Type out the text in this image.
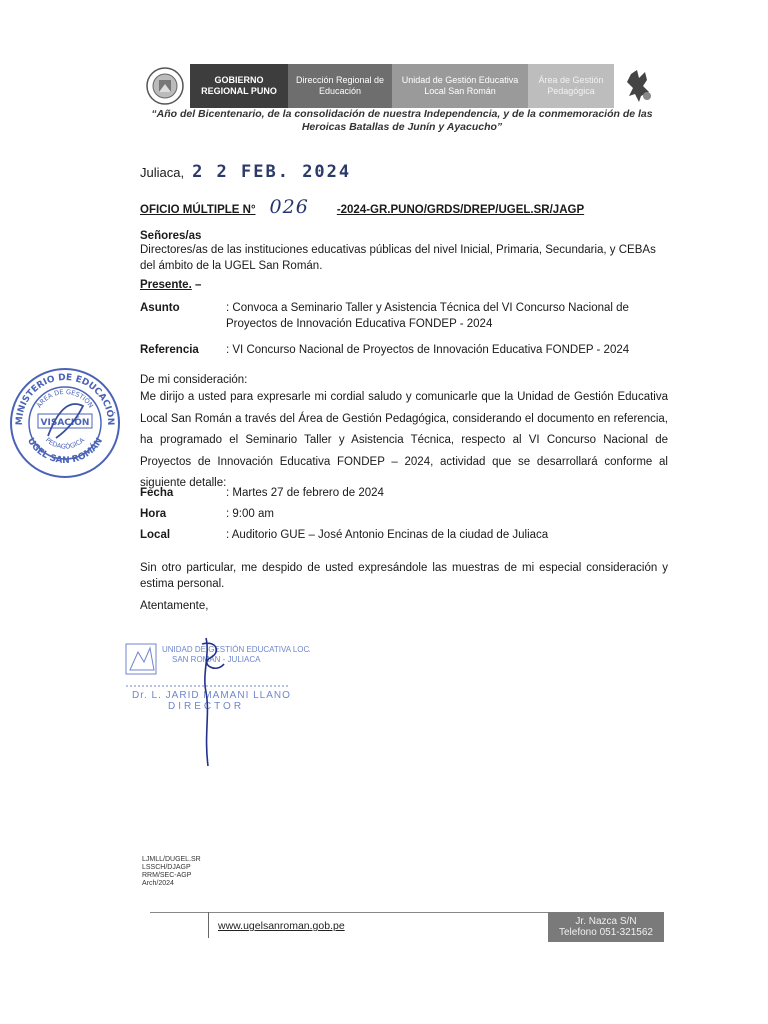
GOBIERNO REGIONAL PUNO
Dirección Regional de Educación
Unidad de Gestión Educativa Local San Román
Área de Gestión Pedagógica
“Año del Bicentenario, de la consolidación de nuestra Independencia, y de la conmemoración de las Heroicas Batallas de Junín y Ayacucho”
Juliaca, 2 2 FEB. 2024
OFICIO MÚLTIPLE N° 026 -2024-GR.PUNO/GRDS/DREP/UGEL.SR/JAGP
Señores/as
Directores/as de las instituciones educativas públicas del nivel Inicial, Primaria, Secundaria, y CEBAs del ámbito de la UGEL San Román.
Presente. –
Asunto	: Convoca a Seminario Taller y Asistencia Técnica del VI Concurso Nacional de Proyectos de Innovación Educativa FONDEP - 2024
Referencia	: VI Concurso Nacional de Proyectos de Innovación Educativa FONDEP - 2024
De mi consideración:
Me dirijo a usted para expresarle mi cordial saludo y comunicarle que la Unidad de Gestión Educativa Local San Román a través del Área de Gestión Pedagógica, considerando el documento en referencia, ha programado el Seminario Taller y Asistencia Técnica, respecto al VI Concurso Nacional de Proyectos de Innovación Educativa FONDEP – 2024, actividad que se desarrollará conforme al siguiente detalle:
Fecha	: Martes 27 de febrero de 2024
Hora	: 9:00 am
Local	: Auditorio GUE – José Antonio Encinas de la ciudad de Juliaca
Sin otro particular, me despido de usted expresándole las muestras de mi especial consideración y estima personal.
Atentamente,
MINISTERIO DE EDUCACIÓN
UGEL SAN ROMÁN
ÁREA DE GESTIÓN
PEDAGÓGICA
VISACIÓN
UNIDAD DE GESTIÓN EDUCATIVA LOCAL
SAN ROMÁN - JULIACA
Dr. L. JARID MAMANI LLANO
DIRECTOR
LJMLL/DUGEL.SR
LSSCH/DJAGP
RRM/SEC-AGP
Arch/2024
www.ugelsanroman.gob.pe	Jr. Nazca S/N
Telefono 051-321562
